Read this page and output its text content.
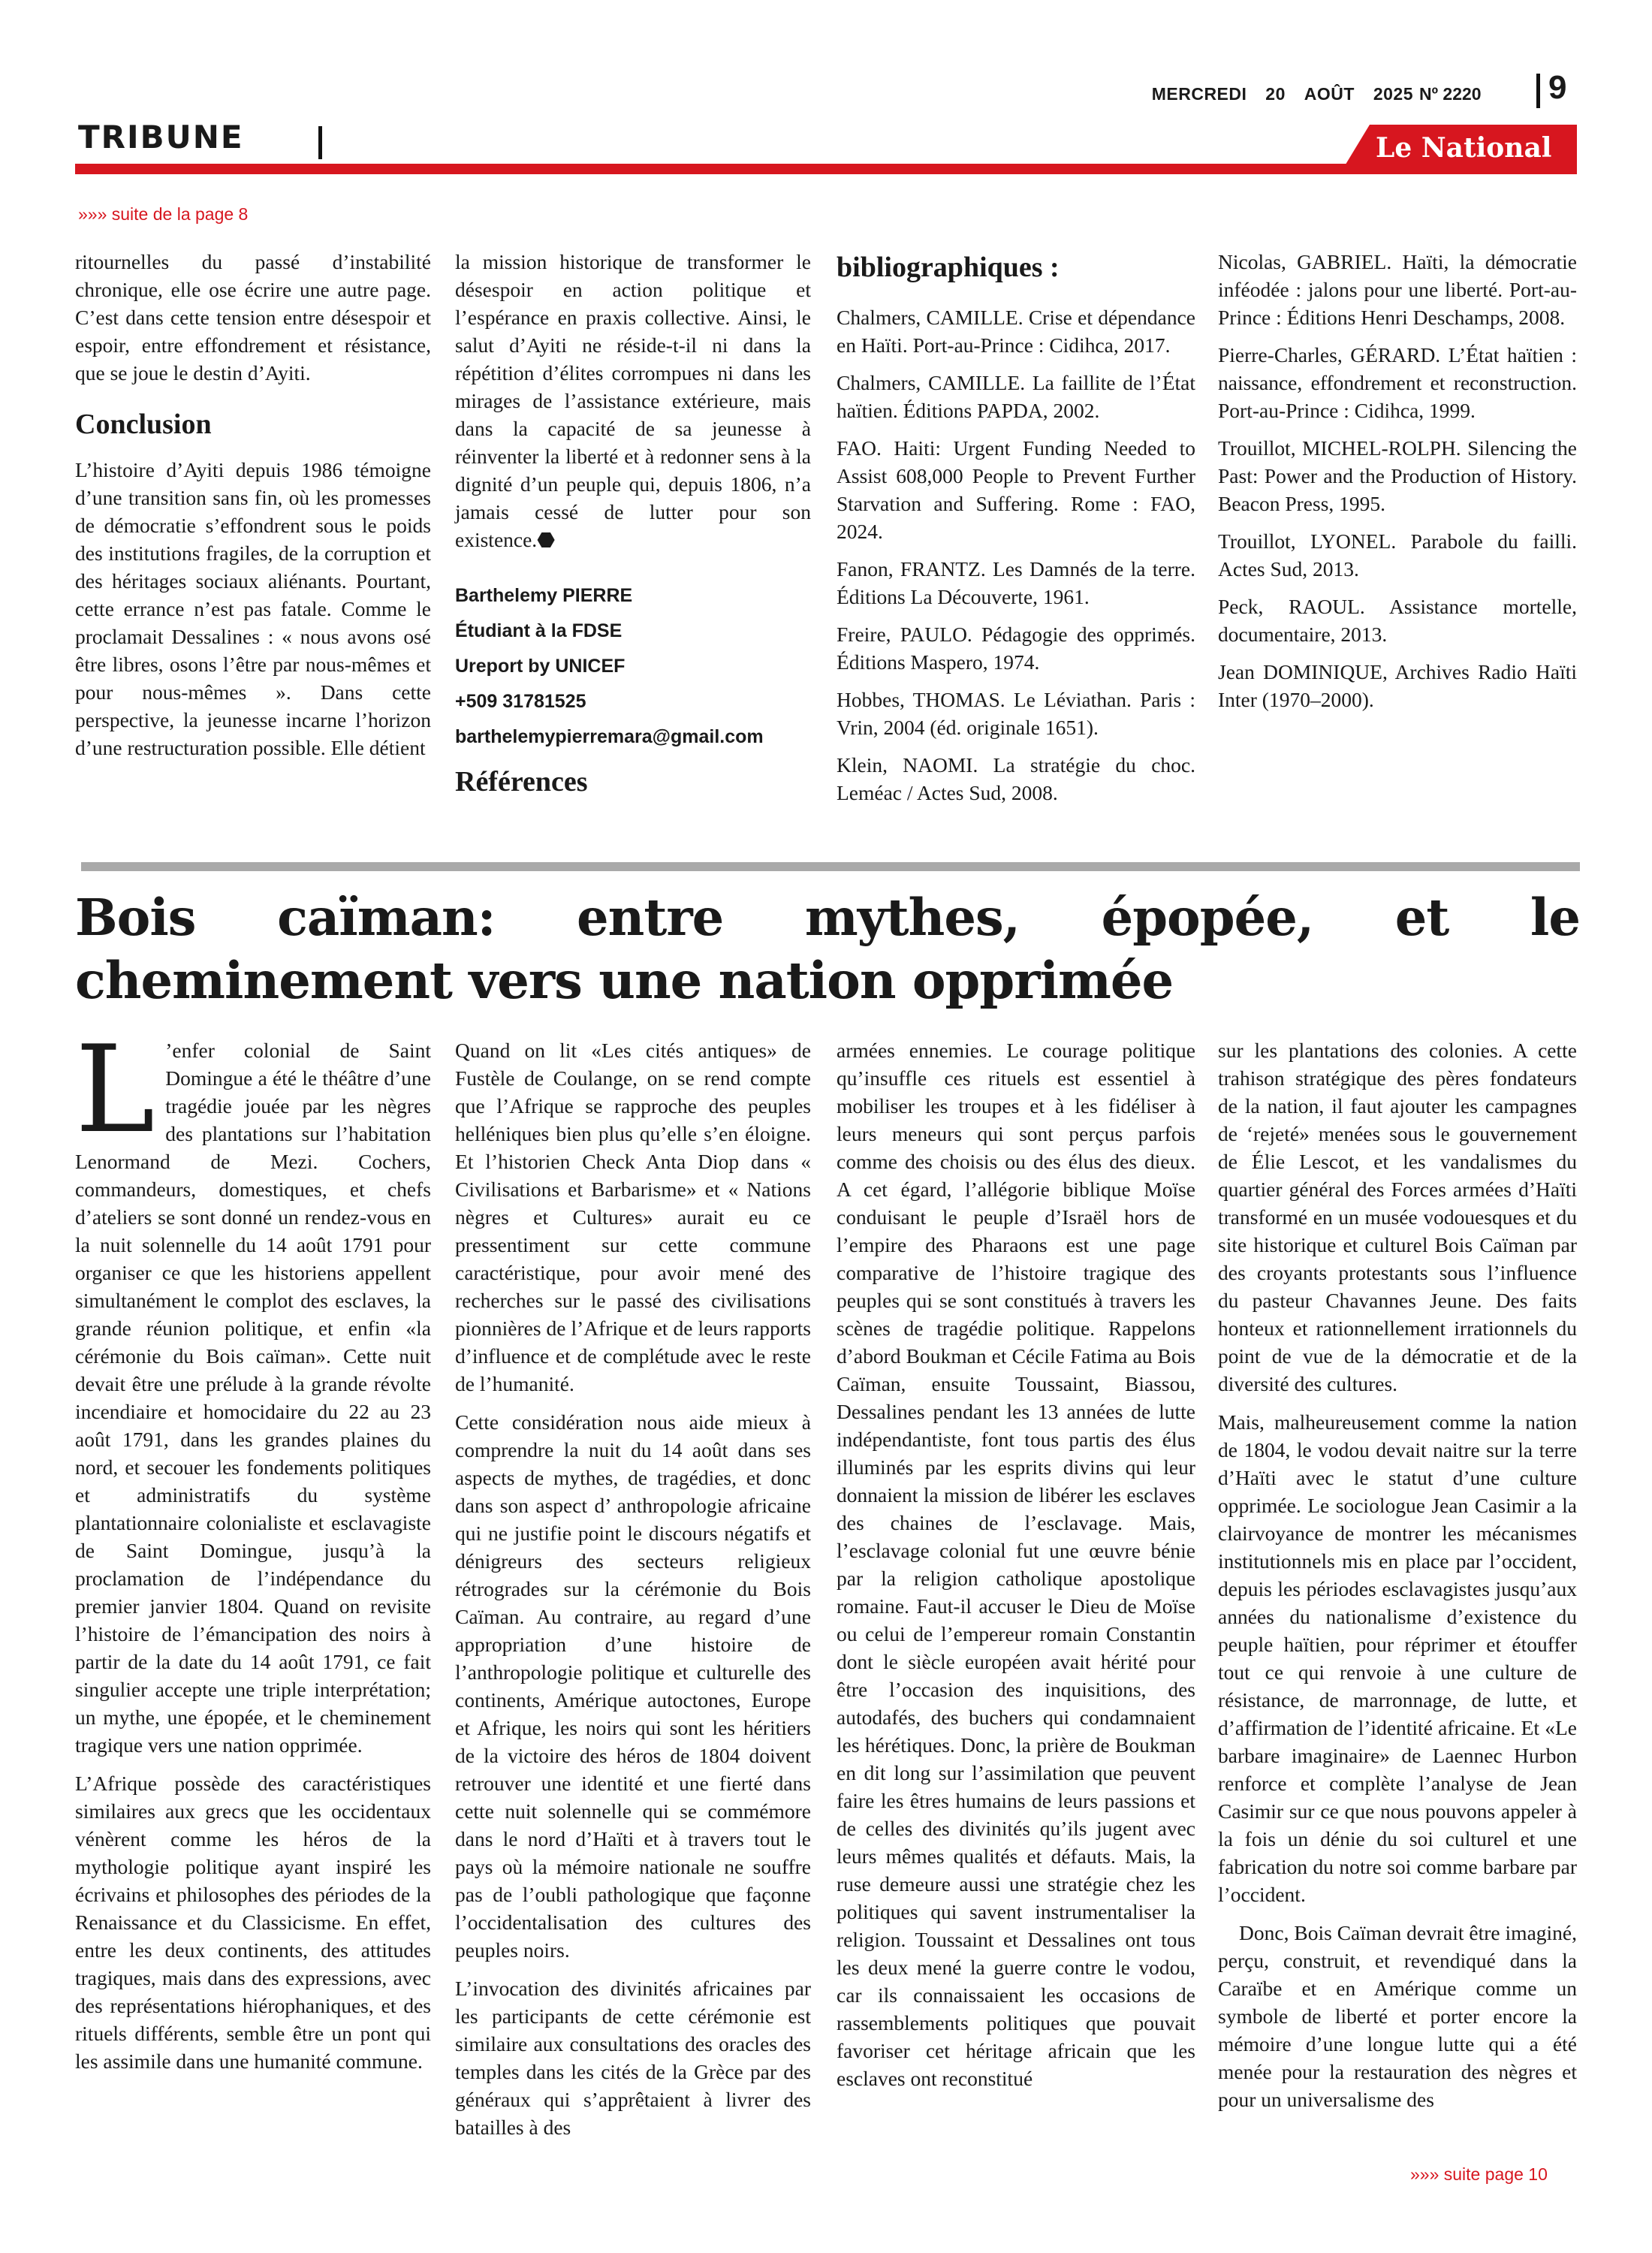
MERCREDI 20 AOÛT 2025 Nº 2220 9
TRIBUNE	Le National
»»» suite de la page 8

ritournelles du passé d’instabilité chronique, elle ose écrire une autre page. C’est dans cette tension entre désespoir et espoir, entre effondrement et résistance, que se joue le destin d’Ayiti.

Conclusion

L’histoire d’Ayiti depuis 1986 témoigne d’une transition sans fin, où les promesses de démocratie s’effondrent sous le poids des institutions fragiles, de la corruption et des héritages sociaux aliénants. Pourtant, cette errance n’est pas fatale. Comme le proclamait Dessalines : « nous avons osé être libres, osons l’être par nous-mêmes et pour nous-mêmes ». Dans cette perspective, la jeunesse incarne l’horizon d’une restructuration possible. Elle détient

la mission historique de transformer le désespoir en action politique et l’espérance en praxis collective. Ainsi, le salut d’Ayiti ne réside-t-il ni dans la répétition d’élites corrompues ni dans les mirages de l’assistance extérieure, mais dans la capacité de sa jeunesse à réinventer la liberté et à redonner sens à la dignité d’un peuple qui, depuis 1806, n’a jamais cessé de lutter pour son existence.⬣

Barthelemy PIERRE

Étudiant à la FDSE

Ureport by UNICEF

+509 31781525

barthelemypierremara@gmail.com

Références
bibliographiques :

Chalmers, CAMILLE. Crise et dépendance en Haïti. Port-au-Prince : Cidihca, 2017.

Chalmers, CAMILLE. La faillite de l’État haïtien. Éditions PAPDA, 2002.

FAO. Haiti: Urgent Funding Needed to Assist 608,000 People to Prevent Further Starvation and Suffering. Rome : FAO, 2024.

Fanon, FRANTZ. Les Damnés de la terre. Éditions La Découverte, 1961.

Freire, PAULO. Pédagogie des opprimés. Éditions Maspero, 1974.

Hobbes, THOMAS. Le Léviathan. Paris : Vrin, 2004 (éd. originale 1651).

Klein, NAOMI. La stratégie du choc. Leméac / Actes Sud, 2008.

Nicolas, GABRIEL. Haïti, la démocratie inféodée : jalons pour une liberté. Port-au-Prince : Éditions Henri Deschamps, 2008.

Pierre-Charles, GÉRARD. L’État haïtien : naissance, effondrement et reconstruction. Port-au-Prince : Cidihca, 1999.

Trouillot, MICHEL-ROLPH. Silencing the Past: Power and the Production of History. Beacon Press, 1995.

Trouillot, LYONEL. Parabole du failli. Actes Sud, 2013.

Peck, RAOUL. Assistance mortelle, documentaire, 2013.

Jean DOMINIQUE, Archives Radio Haïti Inter (1970–2000).

Bois caïman: entre mythes, épopée, et le cheminement vers une nation opprimée

L ’enfer colonial de Saint Domingue a été le théâtre d’une tragédie jouée par les nègres des plantations sur l’habitation Lenormand de Mezi. Cochers, commandeurs, domestiques, et chefs d’ateliers se sont donné un rendez-vous en la nuit solennelle du 14 août 1791 pour organiser ce que les historiens appellent simultanément le complot des esclaves, la grande réunion politique, et enfin «la cérémonie du Bois caïman». Cette nuit devait être une prélude à la grande révolte incendiaire et homocidaire du 22 au 23 août 1791, dans les grandes plaines du nord, et secouer les fondements politiques et administratifs du système plantationnaire colonialiste et esclavagiste de Saint Domingue, jusqu’à la proclamation de l’indépendance du premier janvier 1804. Quand on revisite l’histoire de l’émancipation des noirs à partir de la date du 14 août 1791, ce fait singulier accepte une triple interprétation; un mythe, une épopée, et le cheminement tragique vers une nation opprimée.

L’Afrique possède des caractéristiques similaires aux grecs que les occidentaux vénèrent comme les héros de la mythologie politique ayant inspiré les écrivains et philosophes des périodes de la Renaissance et du Classicisme. En effet, entre les deux continents, des attitudes tragiques, mais dans des expressions, avec des représentations hiérophaniques, et des rituels différents, semble être un pont qui les assimile dans une humanité commune.

Quand on lit «Les cités antiques» de Fustèle de Coulange, on se rend compte que l’Afrique se rapproche des peuples helléniques bien plus qu’elle s’en éloigne. Et l’historien Check Anta Diop dans « Civilisations et Barbarisme» et « Nations nègres et Cultures» aurait eu ce pressentiment sur cette commune caractéristique, pour avoir mené des recherches sur le passé des civilisations pionnières de l’Afrique et de leurs rapports d’influence et de complétude avec le reste de l’humanité.

Cette considération nous aide mieux à comprendre la nuit du 14 août dans ses aspects de mythes, de tragédies, et donc dans son aspect d’ anthropologie africaine qui ne justifie point le discours négatifs et dénigreurs des secteurs religieux rétrogrades sur la cérémonie du Bois Caïman. Au contraire, au regard d’une appropriation d’une histoire de l’anthropologie politique et culturelle des continents, Amérique autoctones, Europe et Afrique, les noirs qui sont les héritiers de la victoire des héros de 1804 doivent retrouver une identité et une fierté dans cette nuit solennelle qui se commémore dans le nord d’Haïti et à travers tout le pays où la mémoire nationale ne souffre pas de l’oubli pathologique que façonne l’occidentalisation des cultures des peuples noirs.

L’invocation des divinités africaines par les participants de cette cérémonie est similaire aux consultations des oracles des temples dans les cités de la Grèce par des généraux qui s’apprêtaient à livrer des batailles à des

armées ennemies. Le courage politique qu’insuffle ces rituels est essentiel à mobiliser les troupes et à les fidéliser à leurs meneurs qui sont perçus parfois comme des choisis ou des élus des dieux. A cet égard, l’allégorie biblique Moïse conduisant le peuple d’Israël hors de l’empire des Pharaons est une page comparative de l’histoire tragique des peuples qui se sont constitués à travers les scènes de tragédie politique. Rappelons d’abord Boukman et Cécile Fatima au Bois Caïman, ensuite Toussaint, Biassou, Dessalines pendant les 13 années de lutte indépendantiste, font tous partis des élus illuminés par les esprits divins qui leur donnaient la mission de libérer les esclaves des chaines de l’esclavage. Mais, l’esclavage colonial fut une œuvre bénie par la religion catholique apostolique romaine. Faut-il accuser le Dieu de Moïse ou celui de l’empereur romain Constantin dont le siècle européen avait hérité pour être l’occasion des inquisitions, des autodafés, des buchers qui condamnaient les hérétiques. Donc, la prière de Boukman en dit long sur l’assimilation que peuvent faire les êtres humains de leurs passions et de celles des divinités qu’ils jugent avec leurs mêmes qualités et défauts. Mais, la ruse demeure aussi une stratégie chez les politiques qui savent instrumentaliser la religion. Toussaint et Dessalines ont tous les deux mené la guerre contre le vodou, car ils connaissaient les occasions de rassemblements politiques que pouvait favoriser cet héritage africain que les esclaves ont reconstitué

sur les plantations des colonies. A cette trahison stratégique des pères fondateurs de la nation, il faut ajouter les campagnes de ‘rejeté» menées sous le gouvernement de Élie Lescot, et les vandalismes du quartier général des Forces armées d’Haïti transformé en un musée vodouesques et du site historique et culturel Bois Caïman par des croyants protestants sous l’influence du pasteur Chavannes Jeune. Des faits honteux et rationnellement irrationnels du point de vue de la démocratie et de la diversité des cultures.

Mais, malheureusement comme la nation de 1804, le vodou devait naitre sur la terre d’Haïti avec le statut d’une culture opprimée. Le sociologue Jean Casimir a la clairvoyance de montrer les mécanismes institutionnels mis en place par l’occident, depuis les périodes esclavagistes jusqu’aux années du nationalisme d’existence du peuple haïtien, pour réprimer et étouffer tout ce qui renvoie à une culture de résistance, de marronnage, de lutte, et d’affirmation de l’identité africaine. Et «Le barbare imaginaire» de Laennec Hurbon renforce et complète l’analyse de Jean Casimir sur ce que nous pouvons appeler à la fois un dénie du soi culturel et une fabrication du notre soi comme barbare par l’occident.

Donc, Bois Caïman devrait être imaginé, perçu, construit, et revendiqué dans la Caraïbe et en Amérique comme un symbole de liberté et porter encore la mémoire d’une longue lutte qui a été menée pour la restauration des nègres et pour un universalisme des

»»» suite page 10
